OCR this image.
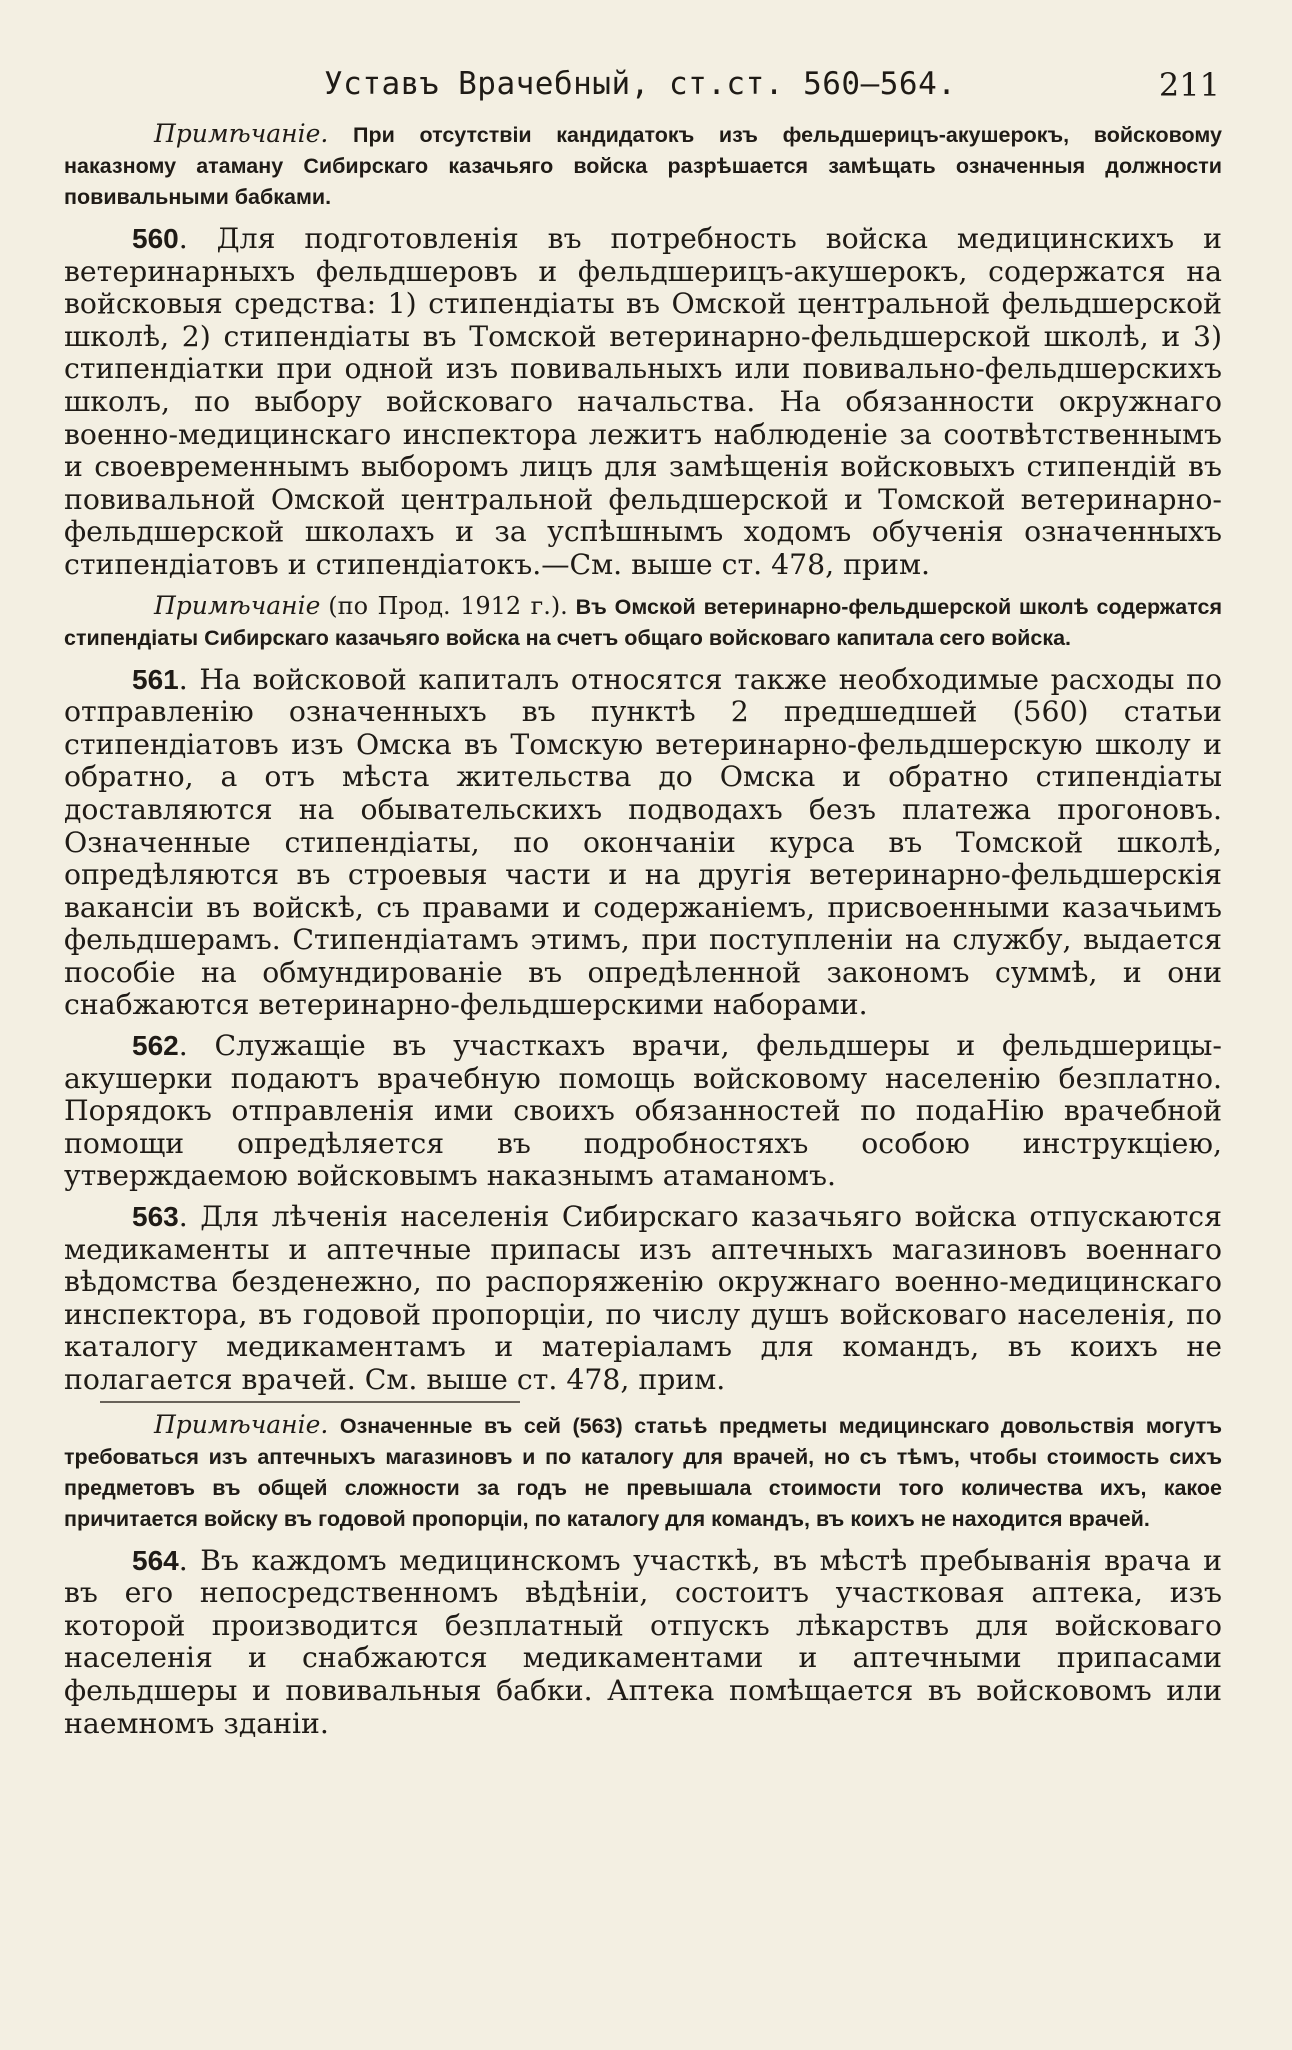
Уставъ Врачебный, ст.ст. 560—564.	211

Примѣчаніе. При отсутствіи кандидатокъ изъ фельдшерицъ-акушерокъ, войсковому наказному атаману Сибирскаго казачьяго войска разрѣшается замѣщать означенныя должности повивальными бабками.

560. Для подготовленія въ потребность войска медицинскихъ и ветеринарныхъ фельдшеровъ и фельдшерицъ-акушерокъ, содержатся на войсковыя средства: 1) стипендіаты въ Омской центральной фельдшерской школѣ, 2) стипендіаты въ Томской ветеринарно-фельдшерской школѣ, и 3) стипендіатки при одной изъ повивальныхъ или повивально-фельдшерскихъ школъ, по выбору войсковаго начальства. На обязанности окружнаго военно-медицинскаго инспектора лежитъ наблюденіе за соотвѣтственнымъ и своевременнымъ выборомъ лицъ для замѣщенія войсковыхъ стипендій въ повивальной Омской центральной фельдшерской и Томской ветеринарно-фельдшерской школахъ и за успѣшнымъ ходомъ обученія означенныхъ стипендіатовъ и стипендіатокъ.—См. выше ст. 478, прим.

Примѣчаніе (по Прод. 1912 г.). Въ Омской ветеринарно-фельдшерской школѣ содержатся стипендіаты Сибирскаго казачьяго войска на счетъ общаго войсковаго капитала сего войска.

561. На войсковой капиталъ относятся также необходимые расходы по отправленію означенныхъ въ пунктѣ 2 предшедшей (560) статьи стипендіатовъ изъ Омска въ Томскую ветеринарно-фельдшерскую школу и обратно, а отъ мѣста жительства до Омска и обратно стипендіаты доставляются на обывательскихъ подводахъ безъ платежа прогоновъ. Означенные стипендіаты, по окончаніи курса въ Томской школѣ, опредѣляются въ строевыя части и на другія ветеринарно-фельдшерскія вакансіи въ войскѣ, съ правами и содержаніемъ, присвоенными казачьимъ фельдшерамъ. Стипендіатамъ этимъ, при поступленіи на службу, выдается пособіе на обмундированіе въ опредѣленной закономъ суммѣ, и они снабжаются ветеринарно-фельдшерскими наборами.

562. Служащіе въ участкахъ врачи, фельдшеры и фельдшерицы-акушерки подаютъ врачебную помощь войсковому населенію безплатно. Порядокъ отправленія ими своихъ обязанностей по подаНію врачебной помощи опредѣляется въ подробностяхъ особою инструкціею, утверждаемою войсковымъ наказнымъ атаманомъ.

563. Для лѣченія населенія Сибирскаго казачьяго войска отпускаются медикаменты и аптечные припасы изъ аптечныхъ магазиновъ военнаго вѣдомства безденежно, по распоряженію окружнаго военно-медицинскаго инспектора, въ годовой пропорціи, по числу душъ войсковаго населенія, по каталогу медикаментамъ и матеріаламъ для командъ, въ коихъ не полагается врачей. См. выше ст. 478, прим.

Примѣчаніе. Означенные въ сей (563) статьѣ предметы медицинскаго довольствія могутъ требоваться изъ аптечныхъ магазиновъ и по каталогу для врачей, но съ тѣмъ, чтобы стоимость сихъ предметовъ въ общей сложности за годъ не превышала стоимости того количества ихъ, какое причитается войску въ годовой пропорціи, по каталогу для командъ, въ коихъ не находится врачей.

564. Въ каждомъ медицинскомъ участкѣ, въ мѣстѣ пребыванія врача и въ его непосредственномъ вѣдѣніи, состоитъ участковая аптека, изъ которой производится безплатный отпускъ лѣкарствъ для войсковаго населенія и снабжаются медикаментами и аптечными припасами фельдшеры и повивальныя бабки. Аптека помѣщается въ войсковомъ или наемномъ зданіи.
